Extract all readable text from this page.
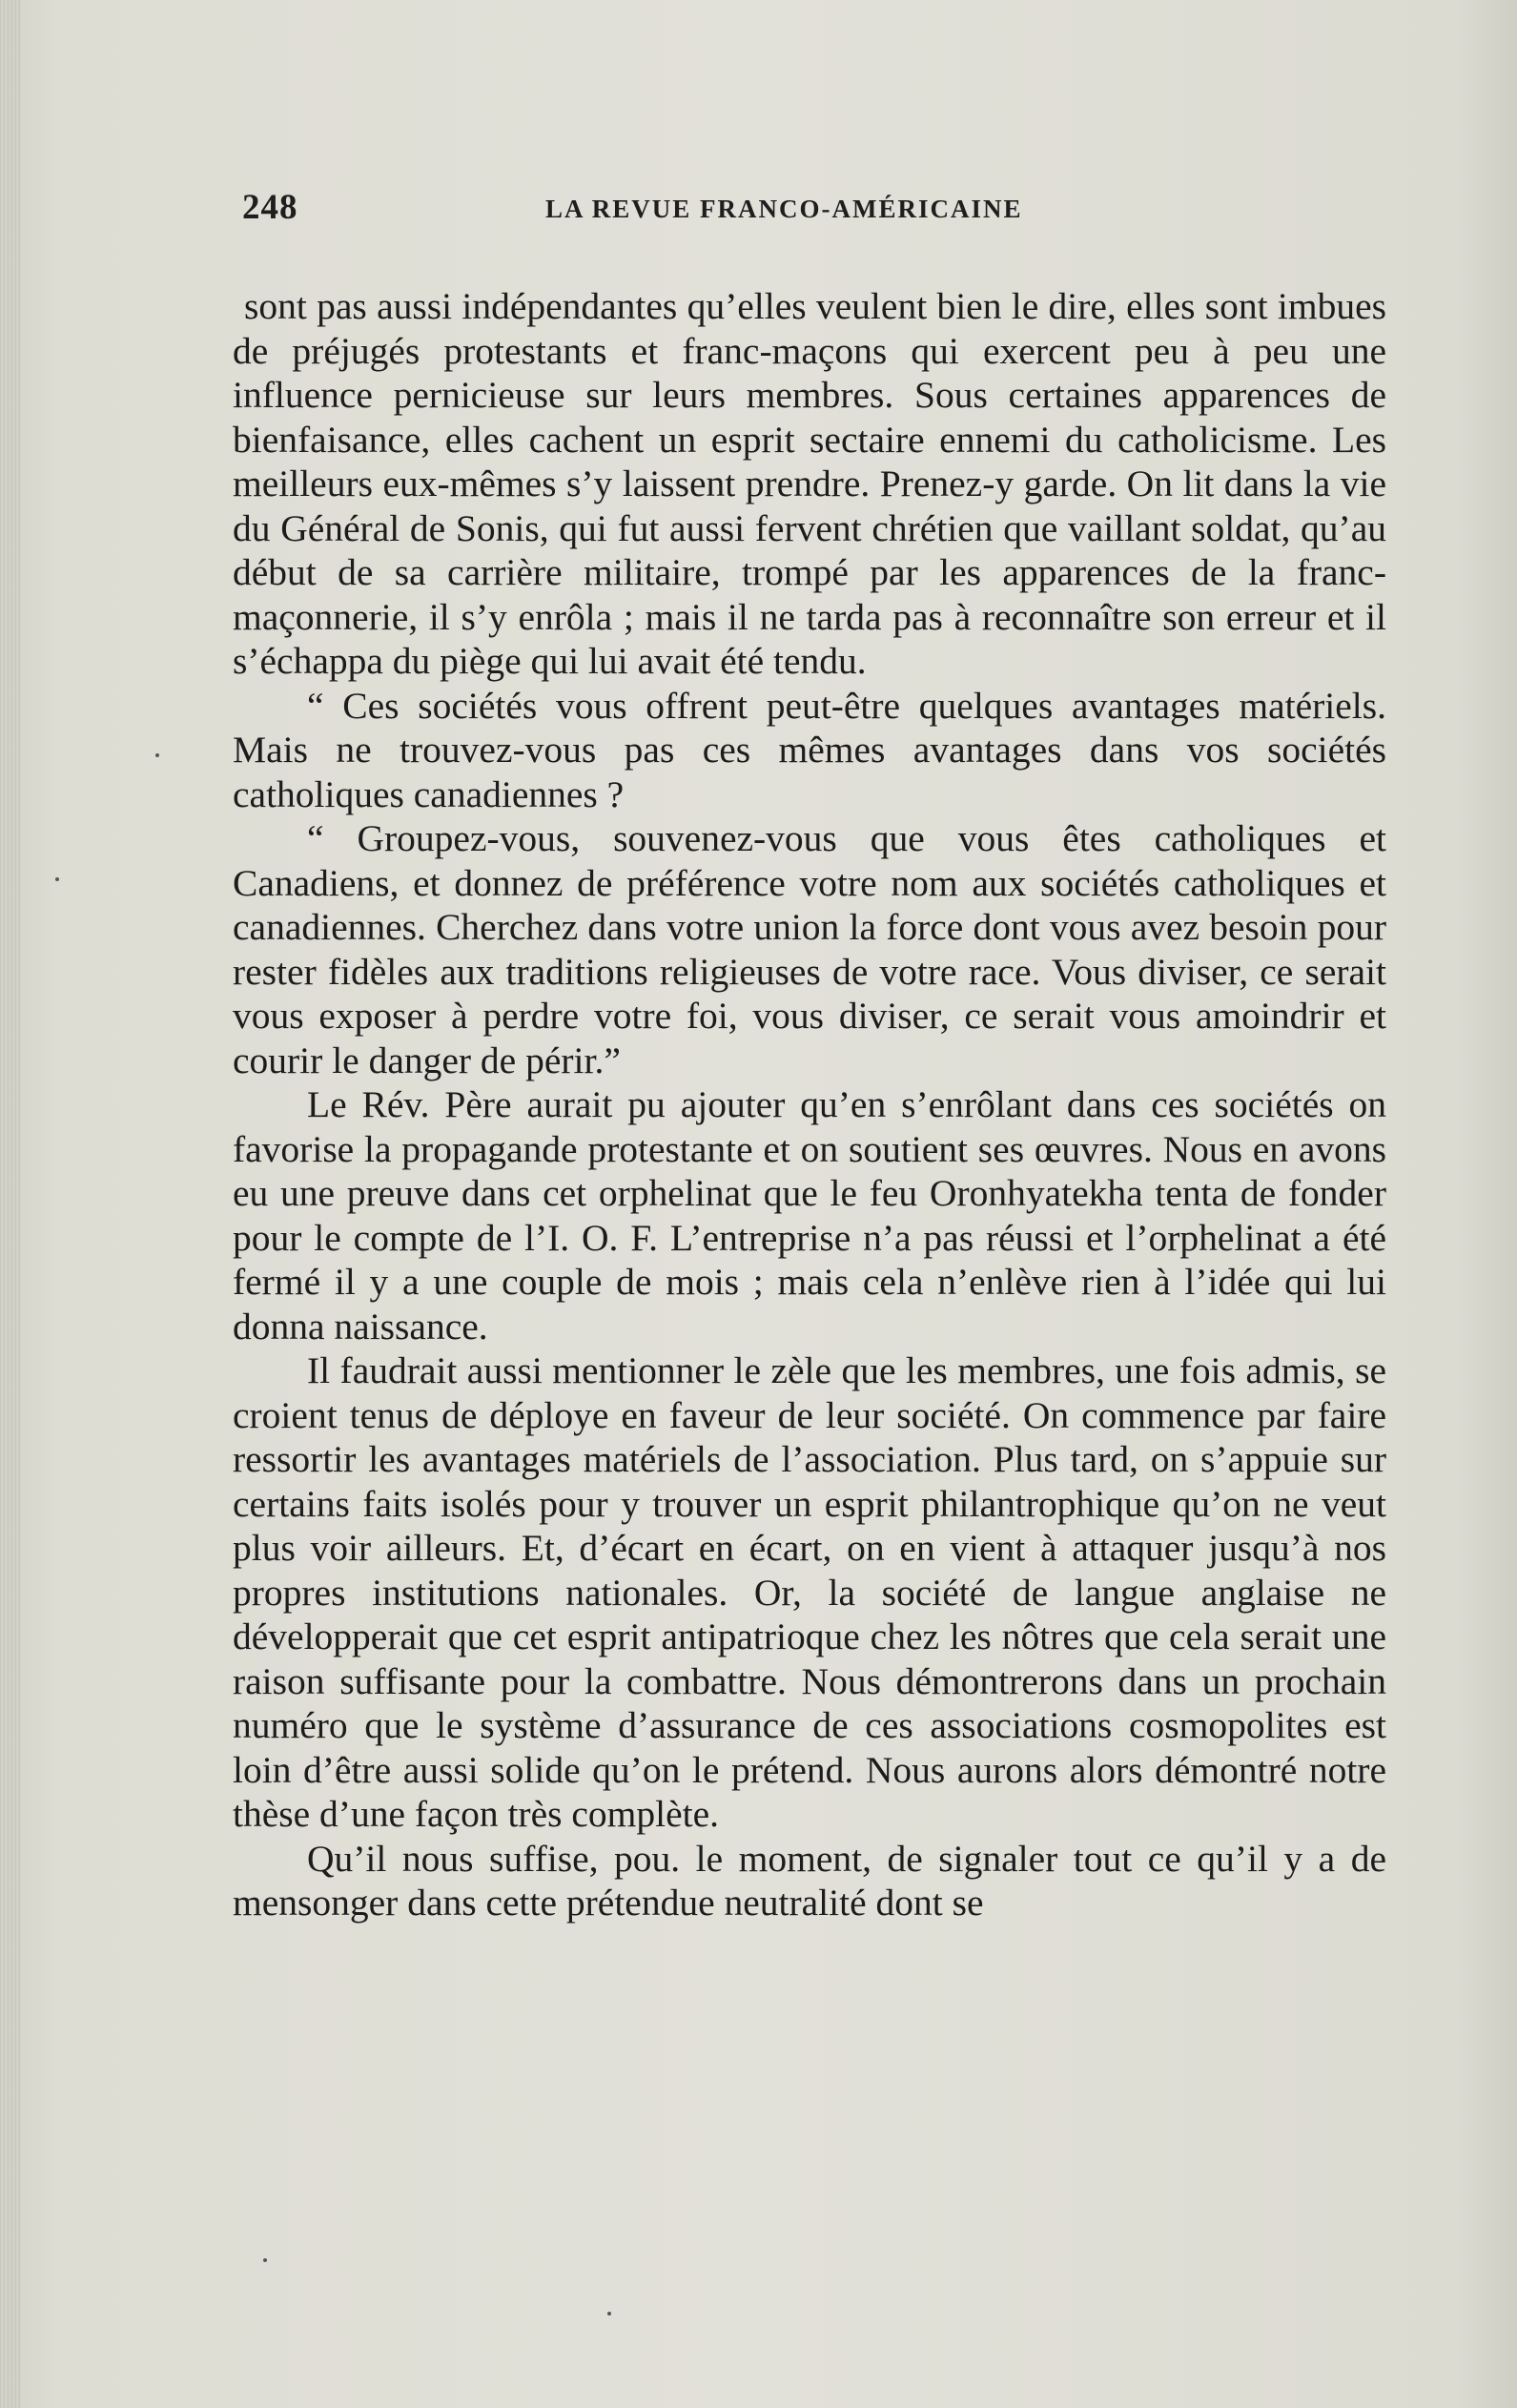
248	LA REVUE FRANCO-AMÉRICAINE

sont pas aussi indépendantes qu’elles veulent bien le dire, elles sont imbues de préjugés protestants et franc-maçons qui exercent peu à peu une influence pernicieuse sur leurs membres. Sous certaines apparences de bienfaisance, elles cachent un esprit sectaire ennemi du catholicisme. Les meilleurs eux-mêmes s’y laissent prendre. Prenez-y garde. On lit dans la vie du Général de Sonis, qui fut aussi fervent chrétien que vaillant soldat, qu’au début de sa carrière militaire, trompé par les apparences de la franc-maçonnerie, il s’y enrôla ; mais il ne tarda pas à reconnaître son erreur et il s’échappa du piège qui lui avait été tendu.

“ Ces sociétés vous offrent peut-être quelques avantages matériels. Mais ne trouvez-vous pas ces mêmes avantages dans vos sociétés catholiques canadiennes ?

“ Groupez-vous, souvenez-vous que vous êtes catholiques et Canadiens, et donnez de préférence votre nom aux sociétés catholiques et canadiennes. Cherchez dans votre union la force dont vous avez besoin pour rester fidèles aux traditions religieuses de votre race. Vous diviser, ce serait vous exposer à perdre votre foi, vous diviser, ce serait vous amoindrir et courir le danger de périr.”

Le Rév. Père aurait pu ajouter qu’en s’enrôlant dans ces sociétés on favorise la propagande protestante et on soutient ses œuvres. Nous en avons eu une preuve dans cet orphelinat que le feu Oronhyatekha tenta de fonder pour le compte de l’I. O. F. L’entreprise n’a pas réussi et l’orphelinat a été fermé il y a une couple de mois ; mais cela n’enlève rien à l’idée qui lui donna naissance.

Il faudrait aussi mentionner le zèle que les membres, une fois admis, se croient tenus de déploye en faveur de leur société. On commence par faire ressortir les avantages matériels de l’association. Plus tard, on s’appuie sur certains faits isolés pour y trouver un esprit philantrophique qu’on ne veut plus voir ailleurs. Et, d’écart en écart, on en vient à attaquer jusqu’à nos propres institutions nationales. Or, la société de langue anglaise ne développerait que cet esprit antipatrioque chez les nôtres que cela serait une raison suffisante pour la combattre. Nous démontrerons dans un prochain numéro que le système d’assurance de ces associations cosmopolites est loin d’être aussi solide qu’on le prétend. Nous aurons alors démontré notre thèse d’une façon très complète.

Qu’il nous suffise, pou. le moment, de signaler tout ce qu’il y a de mensonger dans cette prétendue neutralité dont se
